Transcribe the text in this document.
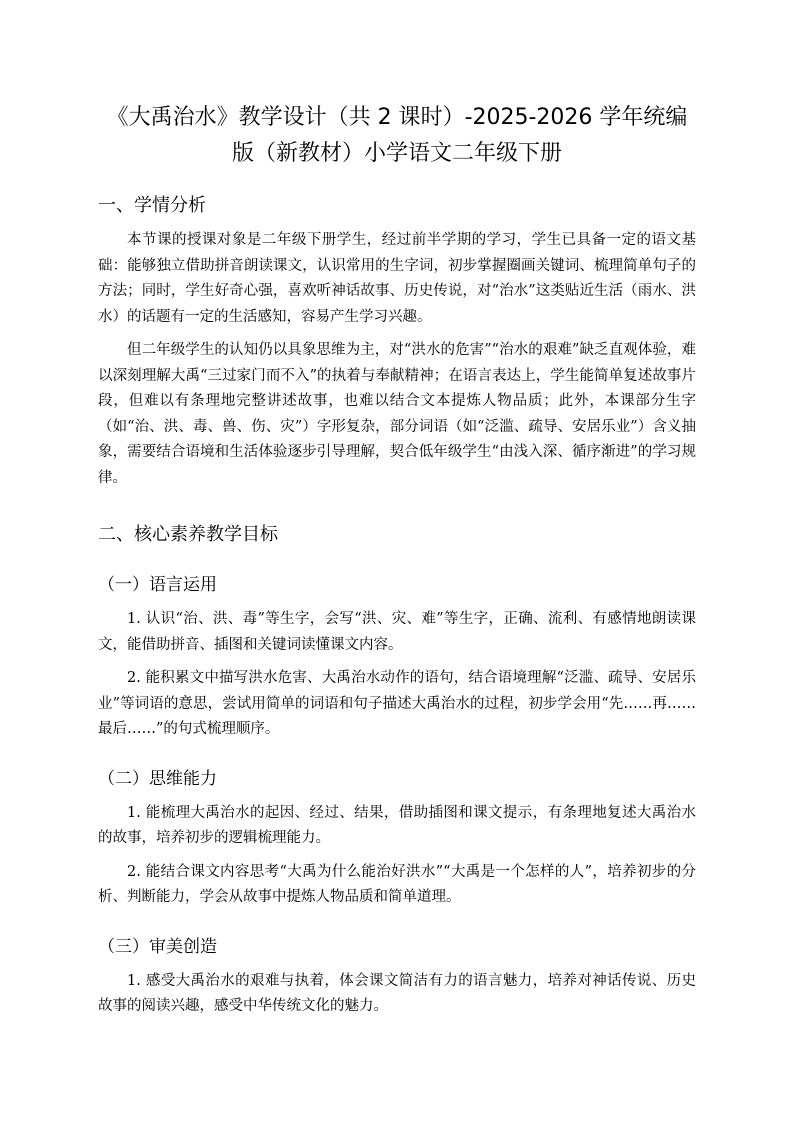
《大禹治水》教学设计（共 2 课时）-2025-2026 学年统编
版（新教材）小学语文二年级下册
一、学情分析

本节课的授课对象是二年级下册学生，经过前半学期的学习，学生已具备一定的语文基础：能够独立借助拼音朗读课文，认识常用的生字词，初步掌握圈画关键词、梳理简单句子的方法；同时，学生好奇心强，喜欢听神话故事、历史传说，对“治水”这类贴近生活（雨水、洪水）的话题有一定的生活感知，容易产生学习兴趣。

但二年级学生的认知仍以具象思维为主，对“洪水的危害”“治水的艰难”缺乏直观体验，难以深刻理解大禹“三过家门而不入”的执着与奉献精神；在语言表达上，学生能简单复述故事片段，但难以有条理地完整讲述故事，也难以结合文本提炼人物品质；此外，本课部分生字（如“治、洪、毒、兽、伤、灾”）字形复杂，部分词语（如“泛滥、疏导、安居乐业”）含义抽象，需要结合语境和生活体验逐步引导理解，契合低年级学生“由浅入深、循序渐进”的学习规律。

二、核心素养教学目标
（一）语言运用

1. 认识“治、洪、毒”等生字，会写“洪、灾、难”等生字，正确、流利、有感情地朗读课文，能借助拼音、插图和关键词读懂课文内容。

2. 能积累文中描写洪水危害、大禹治水动作的语句，结合语境理解“泛滥、疏导、安居乐业”等词语的意思，尝试用简单的词语和句子描述大禹治水的过程，初步学会用“先……再……最后……”的句式梳理顺序。

（二）思维能力

1. 能梳理大禹治水的起因、经过、结果，借助插图和课文提示，有条理地复述大禹治水的故事，培养初步的逻辑梳理能力。

2. 能结合课文内容思考“大禹为什么能治好洪水”“大禹是一个怎样的人”，培养初步的分析、判断能力，学会从故事中提炼人物品质和简单道理。

（三）审美创造

1. 感受大禹治水的艰难与执着，体会课文简洁有力的语言魅力，培养对神话传说、历史故事的阅读兴趣，感受中华传统文化的魅力。
